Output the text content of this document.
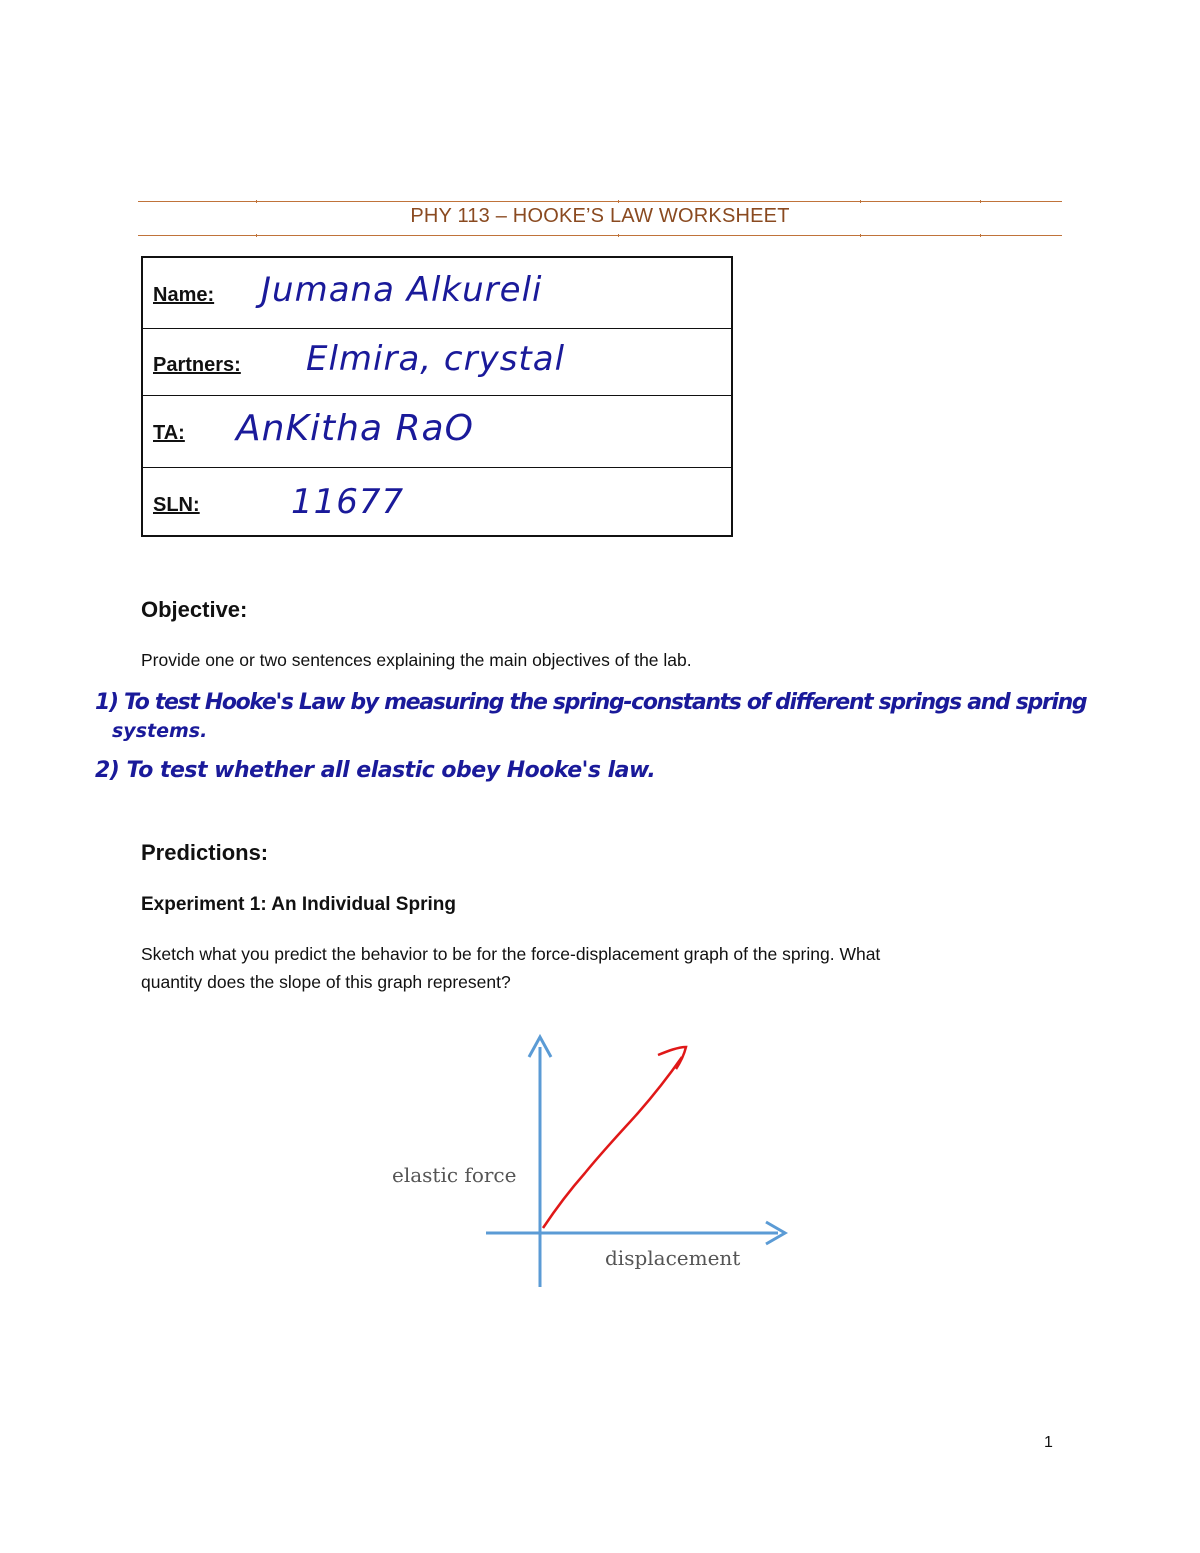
PHY 113 – HOOKE’S LAW WORKSHEET
Name: Jumana Alkureli
Partners: Elmira, crystal
TA: AnKitha RaO
SLN:	11677
Objective:
Provide one or two sentences explaining the main objectives of the lab.
1) To test Hooke's Law by measuring the spring-constants of different springs and spring
systems.
2) To test whether all elastic obey Hooke's law.
Predictions:
Experiment 1: An Individual Spring
Sketch what you predict the behavior to be for the force-displacement graph of the spring. What
quantity does the slope of this graph represent?
elastic force
displacement
1
